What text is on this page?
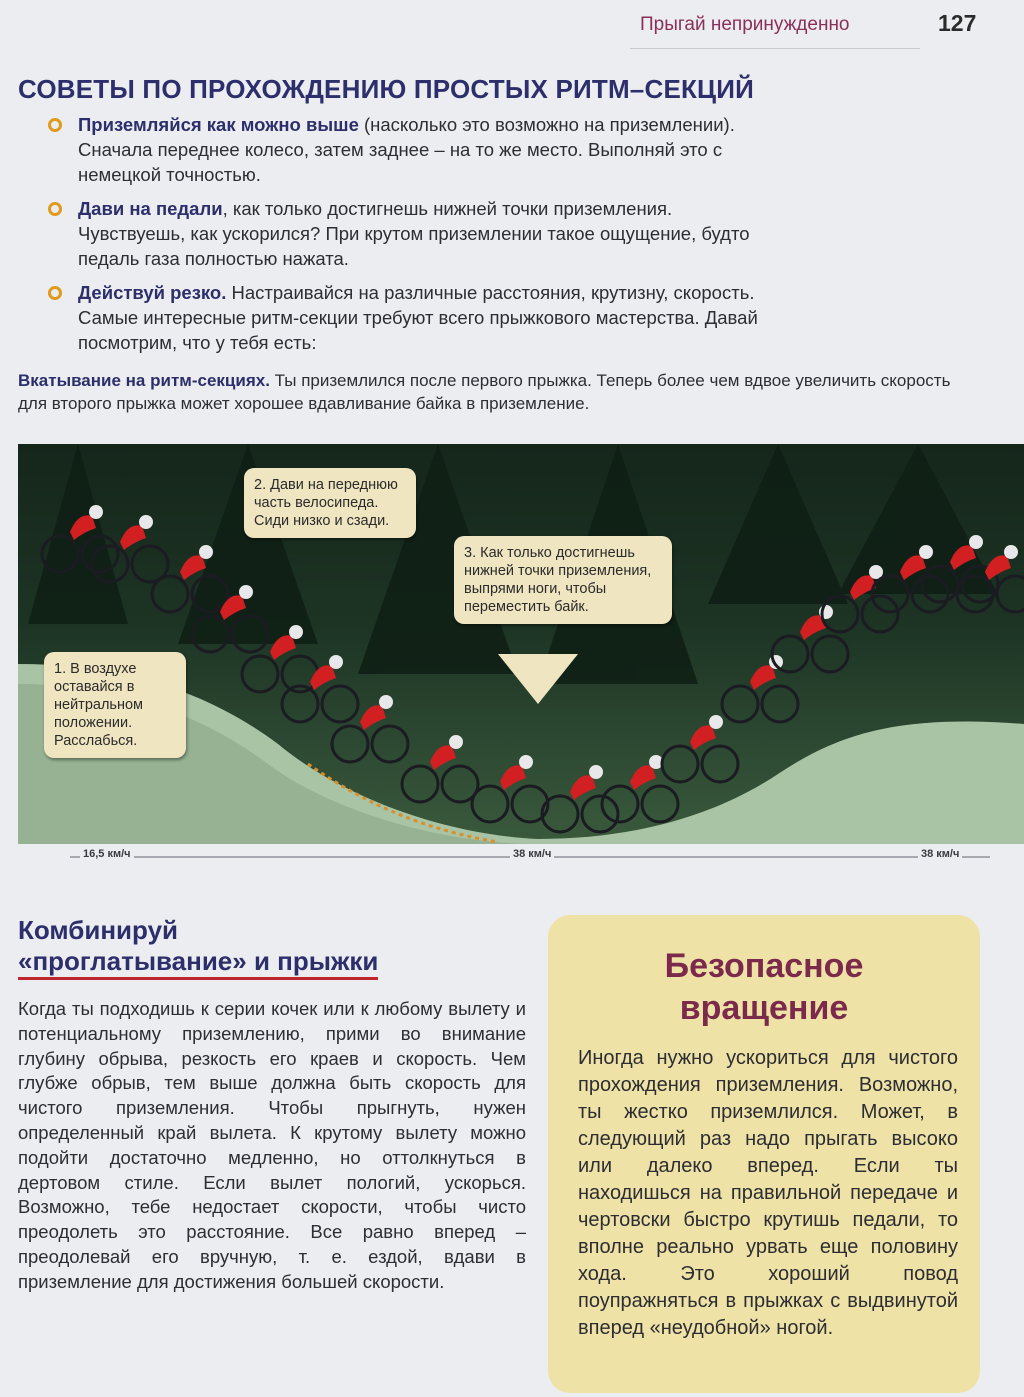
Прыгай непринужденно	127
СОВЕТЫ ПО ПРОХОЖДЕНИЮ ПРОСТЫХ РИТМ–СЕКЦИЙ
Приземляйся как можно выше (насколько это возможно на приземлении). Сначала переднее колесо, затем заднее – на то же место. Выполняй это с немецкой точностью.
Дави на педали, как только достигнешь нижней точки приземления. Чувствуешь, как ускорился? При крутом приземлении такое ощущение, будто педаль газа полностью нажата.
Действуй резко. Настраивайся на различные расстояния, крутизну, скорость. Самые интересные ритм-секции требуют всего прыжкового мастерства. Давай посмотрим, что у тебя есть:
Вкатывание на ритм-секциях. Ты приземлился после первого прыжка. Теперь более чем вдвое увеличить скорость для второго прыжка может хорошее вдавливание байка в приземление.
1. В воздухе оставайся в нейтральном положении. Расслабься.
2. Дави на переднюю часть велосипеда. Сиди низко и сзади.
3. Как только достигнешь нижней точки приземления, выпрями ноги, чтобы переместить байк.
16,5 км/ч	38 км/ч	38 км/ч
Комбинируй
«проглатывание» и прыжки
Когда ты подходишь к серии кочек или к любому вылету и потенциальному приземлению, прими во внимание глубину обрыва, резкость его краев и скорость. Чем глубже обрыв, тем выше должна быть скорость для чистого приземления. Чтобы прыгнуть, нужен определенный край вылета. К крутому вылету можно подойти достаточно медленно, но оттолкнуться в дертовом стиле. Если вылет пологий, ускорься. Возможно, тебе недостает скорости, чтобы чисто преодолеть это расстояние. Все равно вперед – преодолевай его вручную, т. е. ездой, вдави в приземление для достижения большей скорости.
Безопасное
вращение
Иногда нужно ускориться для чистого прохождения приземления. Возможно, ты жестко приземлился. Может, в следующий раз надо прыгать высоко или далеко вперед. Если ты находишься на правильной передаче и чертовски быстро крутишь педали, то вполне реально урвать еще половину хода. Это хороший повод поупражняться в прыжках с выдвинутой вперед «неудобной» ногой.
